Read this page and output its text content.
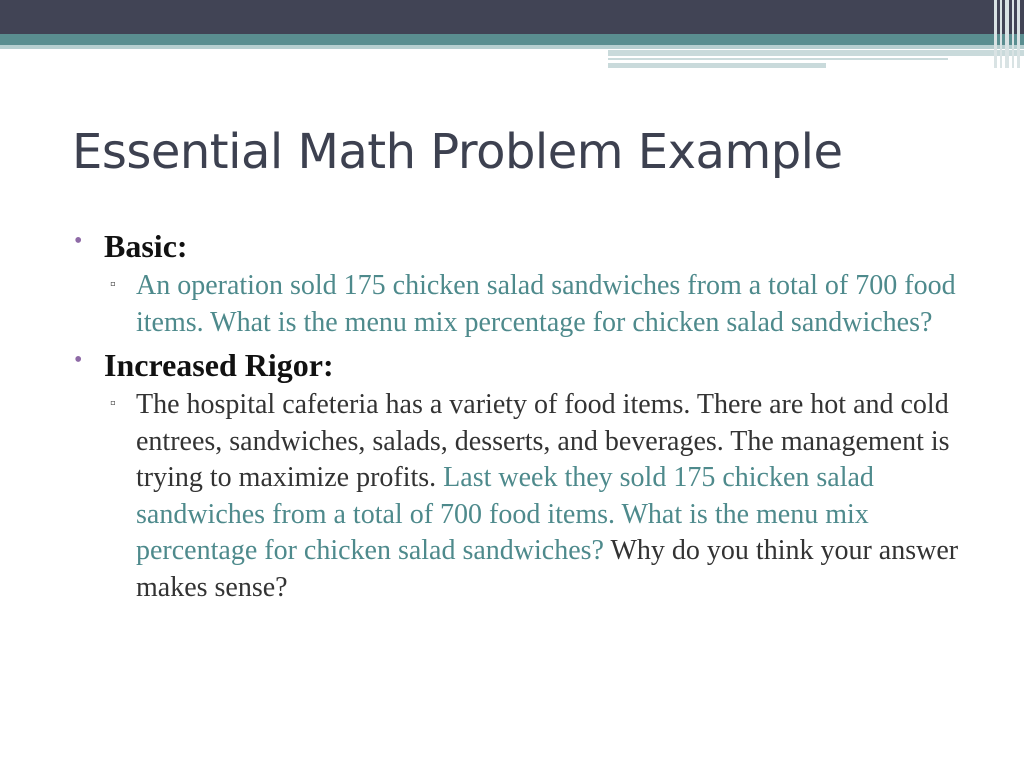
Essential Math Problem Example
• Basic:
▫ An operation sold 175 chicken salad sandwiches from a total of 700 food items. What is the menu mix percentage for chicken salad sandwiches?
• Increased Rigor:
▫ The hospital cafeteria has a variety of food items. There are hot and cold entrees, sandwiches, salads, desserts, and beverages. The management is trying to maximize profits. Last week they sold 175 chicken salad sandwiches from a total of 700 food items. What is the menu mix percentage for chicken salad sandwiches? Why do you think your answer makes sense?
